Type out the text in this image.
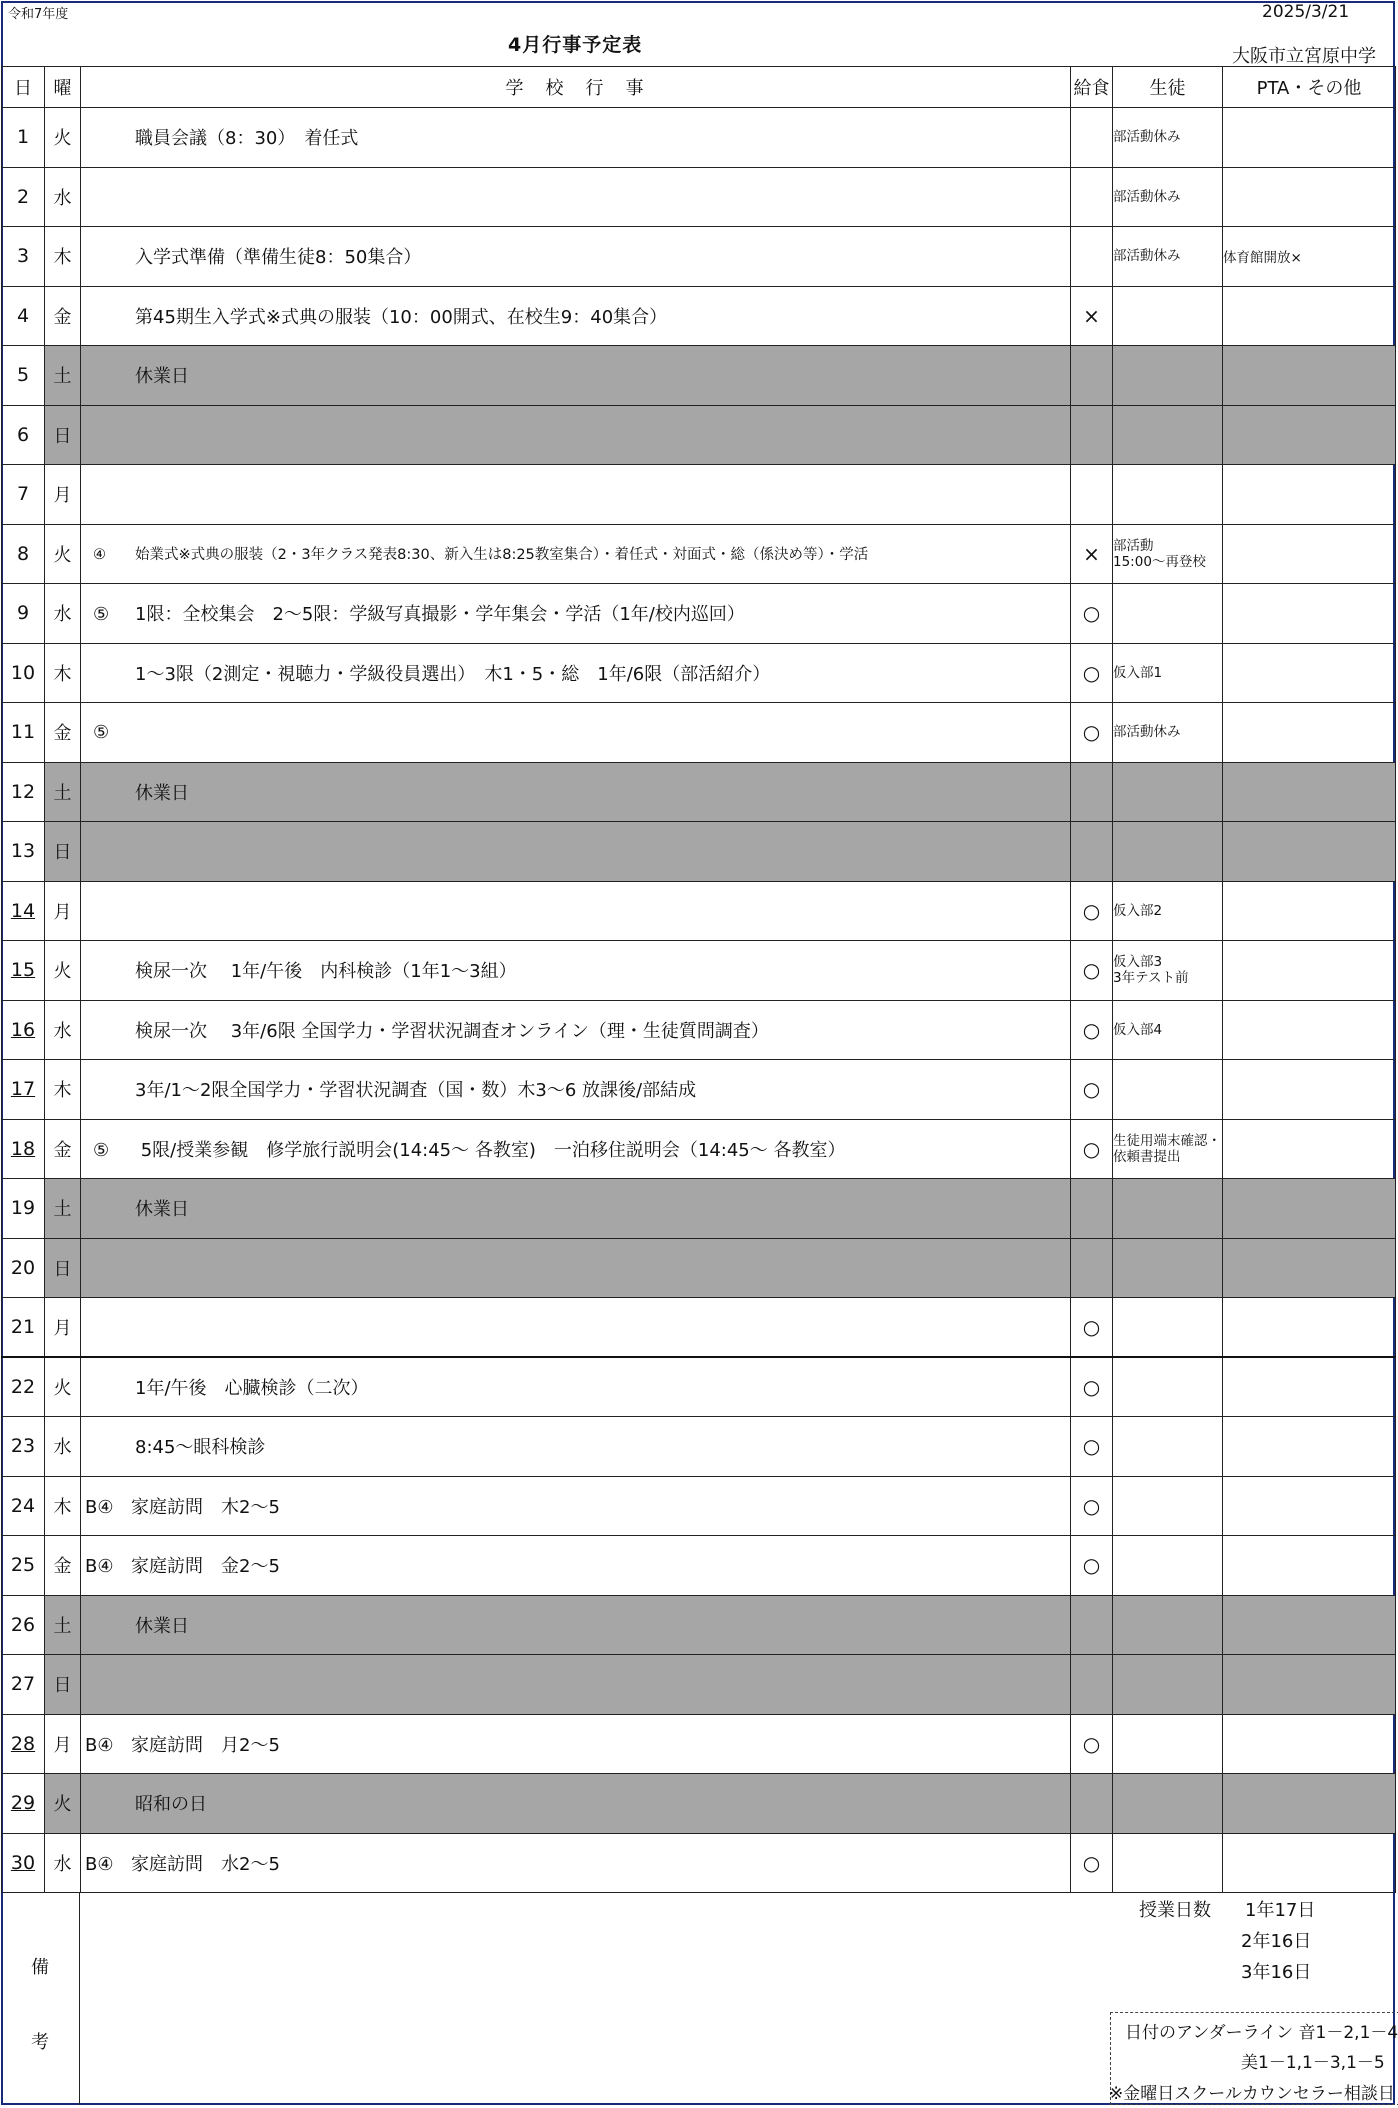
令和7年度
4月行事予定表
2025/3/21
大阪市立宮原中学
日	曜	学　校　行　事	給食	生徒	PTA・その他
1	火	職員会議（8：30）　着任式		部活動休み	
2	水			部活動休み	
3	木	入学式準備（準備生徒8：50集合）		部活動休み	体育館開放×
4	金	第45期生入学式※式典の服装（10：00開式、在校生9：40集合）	×		
5	土	休業日			
6	日				
7	月				
8	火	④ 始業式※式典の服装（2・3年クラス発表8:30、新入生は8:25教室集合）・着任式・対面式・総（係決め等）・学活	×	部活動
15:00～再登校	
9	水	⑤ 1限：全校集会　2～5限：学級写真撮影・学年集会・学活（1年/校内巡回）	○		
10	木	1～3限（2測定・視聴力・学級役員選出）　木1・5・総　1年/6限（部活紹介）	○	仮入部1	
11	金	⑤	○	部活動休み	
12	土	休業日			
13	日				
14	月		○	仮入部2	
15	火	検尿一次　 1年/午後　内科検診（1年1～3組）	○	仮入部3
3年テスト前	
16	水	検尿一次　 3年/6限 全国学力・学習状況調査オンライン（理・生徒質問調査）	○	仮入部4	
17	木	3年/1～2限全国学力・学習状況調査（国・数）木3～6 放課後/部結成	○		
18	金	⑤ 5限/授業参観　修学旅行説明会(14:45～ 各教室)　一泊移住説明会（14:45～ 各教室）	○	生徒用端末確認・
依頼書提出	
19	土	休業日			
20	日				
21	月		○		
22	火	1年/午後　心臓検診（二次）	○		
23	水	8:45～眼科検診	○		
24	木	B④ 家庭訪問　木2～5	○		
25	金	B④ 家庭訪問　金2～5	○		
26	土	休業日			
27	日				
28	月	B④ 家庭訪問　月2～5	○		
29	火	昭和の日			
30	水	B④ 家庭訪問　水2～5	○		
備
考
授業日数 1年17日
2年16日
3年16日
日付のアンダーライン 音1－2,1－4
美1－1,1－3,1－5
※金曜日スクールカウンセラー相談日
